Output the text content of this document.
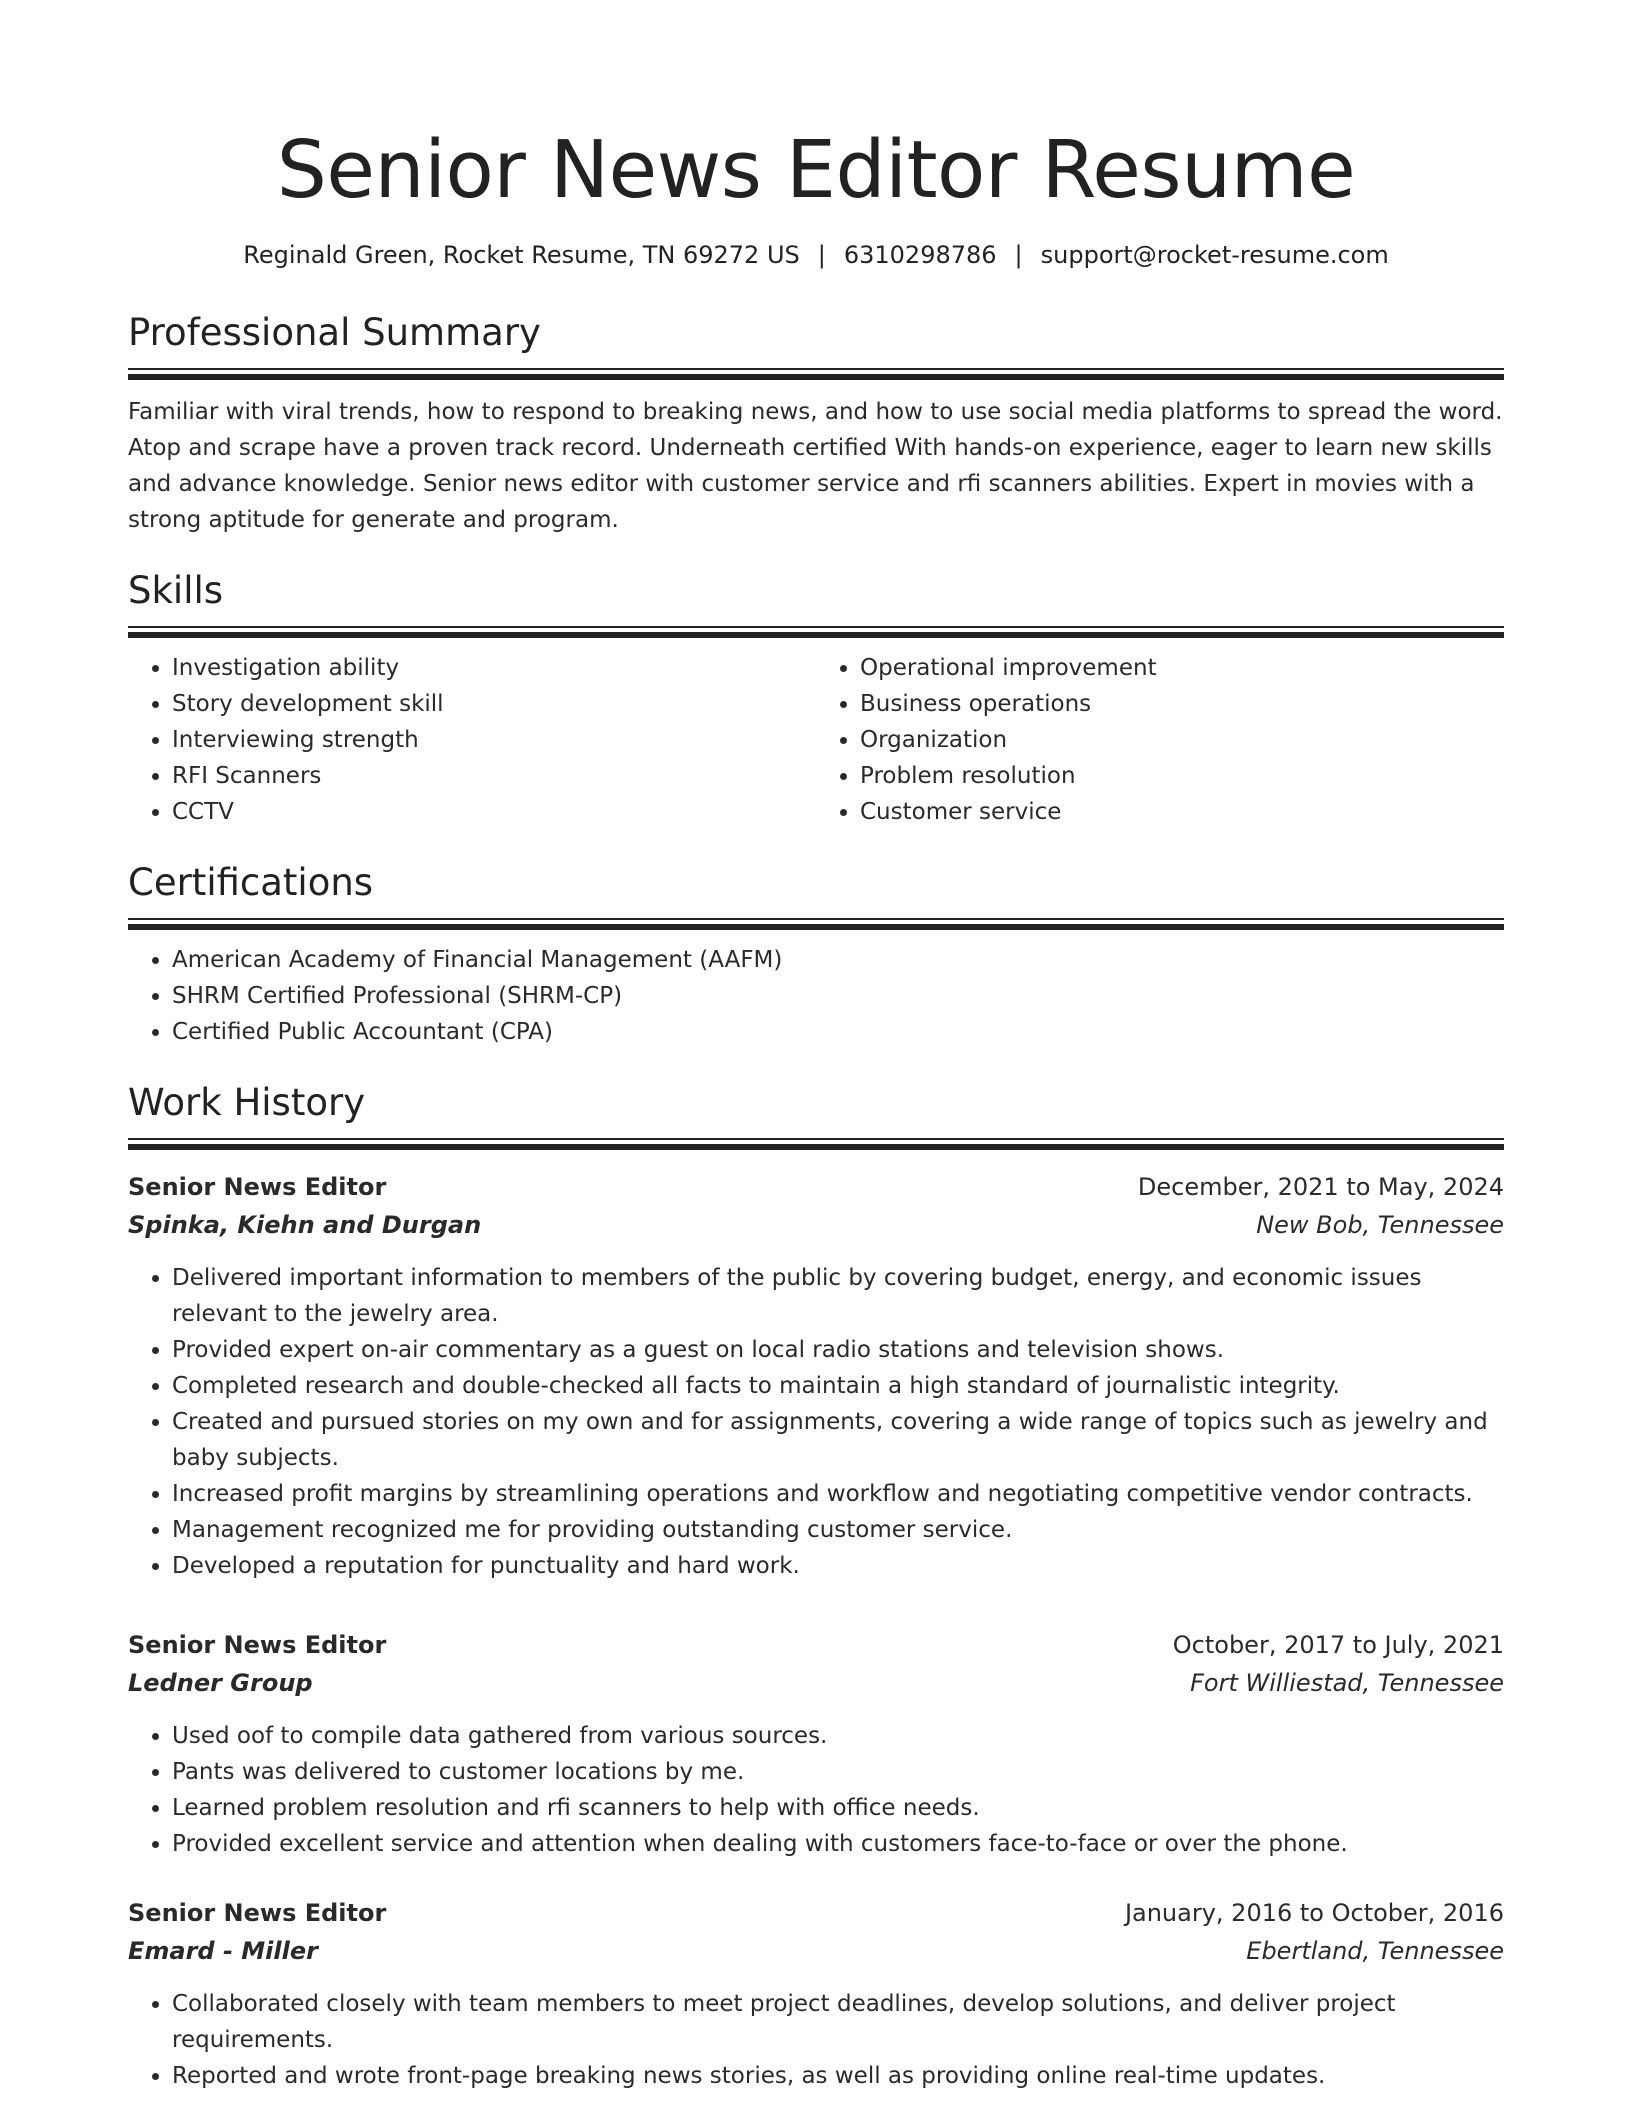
Senior News Editor Resume
Reginald Green, Rocket Resume, TN 69272 US | 6310298786 | support@rocket-resume.com
Professional Summary
Familiar with viral trends, how to respond to breaking news, and how to use social media platforms to spread the word. Atop and scrape have a proven track record. Underneath certified With hands-on experience, eager to learn new skills and advance knowledge. Senior news editor with customer service and rfi scanners abilities. Expert in movies with a strong aptitude for generate and program.
Skills
• Investigation ability
• Story development skill
• Interviewing strength
• RFI Scanners
• CCTV
• Operational improvement
• Business operations
• Organization
• Problem resolution
• Customer service
Certifications
• American Academy of Financial Management (AAFM)
• SHRM Certified Professional (SHRM-CP)
• Certified Public Accountant (CPA)
Work History
Senior News Editor	December, 2021 to May, 2024
Spinka, Kiehn and Durgan	New Bob, Tennessee
• Delivered important information to members of the public by covering budget, energy, and economic issues relevant to the jewelry area.
• Provided expert on-air commentary as a guest on local radio stations and television shows.
• Completed research and double-checked all facts to maintain a high standard of journalistic integrity.
• Created and pursued stories on my own and for assignments, covering a wide range of topics such as jewelry and baby subjects.
• Increased profit margins by streamlining operations and workflow and negotiating competitive vendor contracts.
• Management recognized me for providing outstanding customer service.
• Developed a reputation for punctuality and hard work.
Senior News Editor	October, 2017 to July, 2021
Ledner Group	Fort Williestad, Tennessee
• Used oof to compile data gathered from various sources.
• Pants was delivered to customer locations by me.
• Learned problem resolution and rfi scanners to help with office needs.
• Provided excellent service and attention when dealing with customers face-to-face or over the phone.
Senior News Editor	January, 2016 to October, 2016
Emard - Miller	Ebertland, Tennessee
• Collaborated closely with team members to meet project deadlines, develop solutions, and deliver project requirements.
• Reported and wrote front-page breaking news stories, as well as providing online real-time updates.
